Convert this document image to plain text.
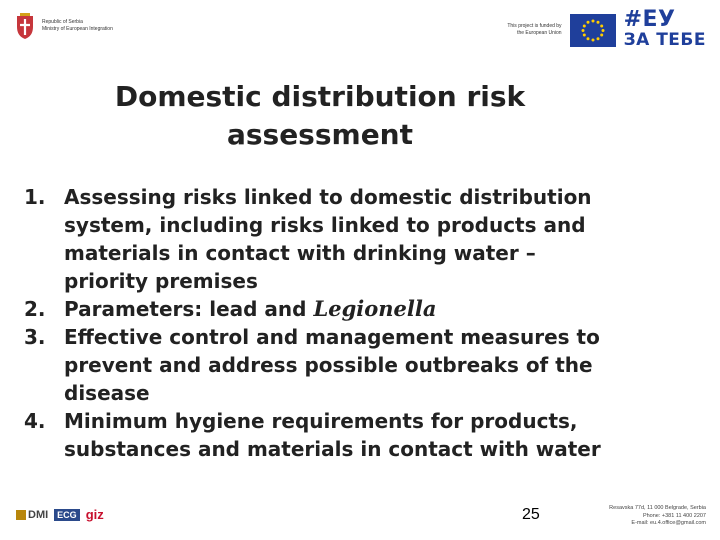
Republic of Serbia
Ministry of European Integration	This project is funded by
the European Union
#ЕУ
ЗА ТЕБЕ
Domestic distribution risk
assessment
1. Assessing risks linked to domestic distribution
system, including risks linked to products and
materials in contact with drinking water –
priority premises
2. Parameters: lead and Legionella
3. Effective control and management measures to
prevent and address possible outbreaks of the
disease
4. Minimum hygiene requirements for products,
substances and materials in contact with water
DMI	ECG giz	25	Resavska 77d, 11 000 Belgrade, Serbia
Phone: +381 11 400 2207
E-mail: eu.4.office@gmail.com
